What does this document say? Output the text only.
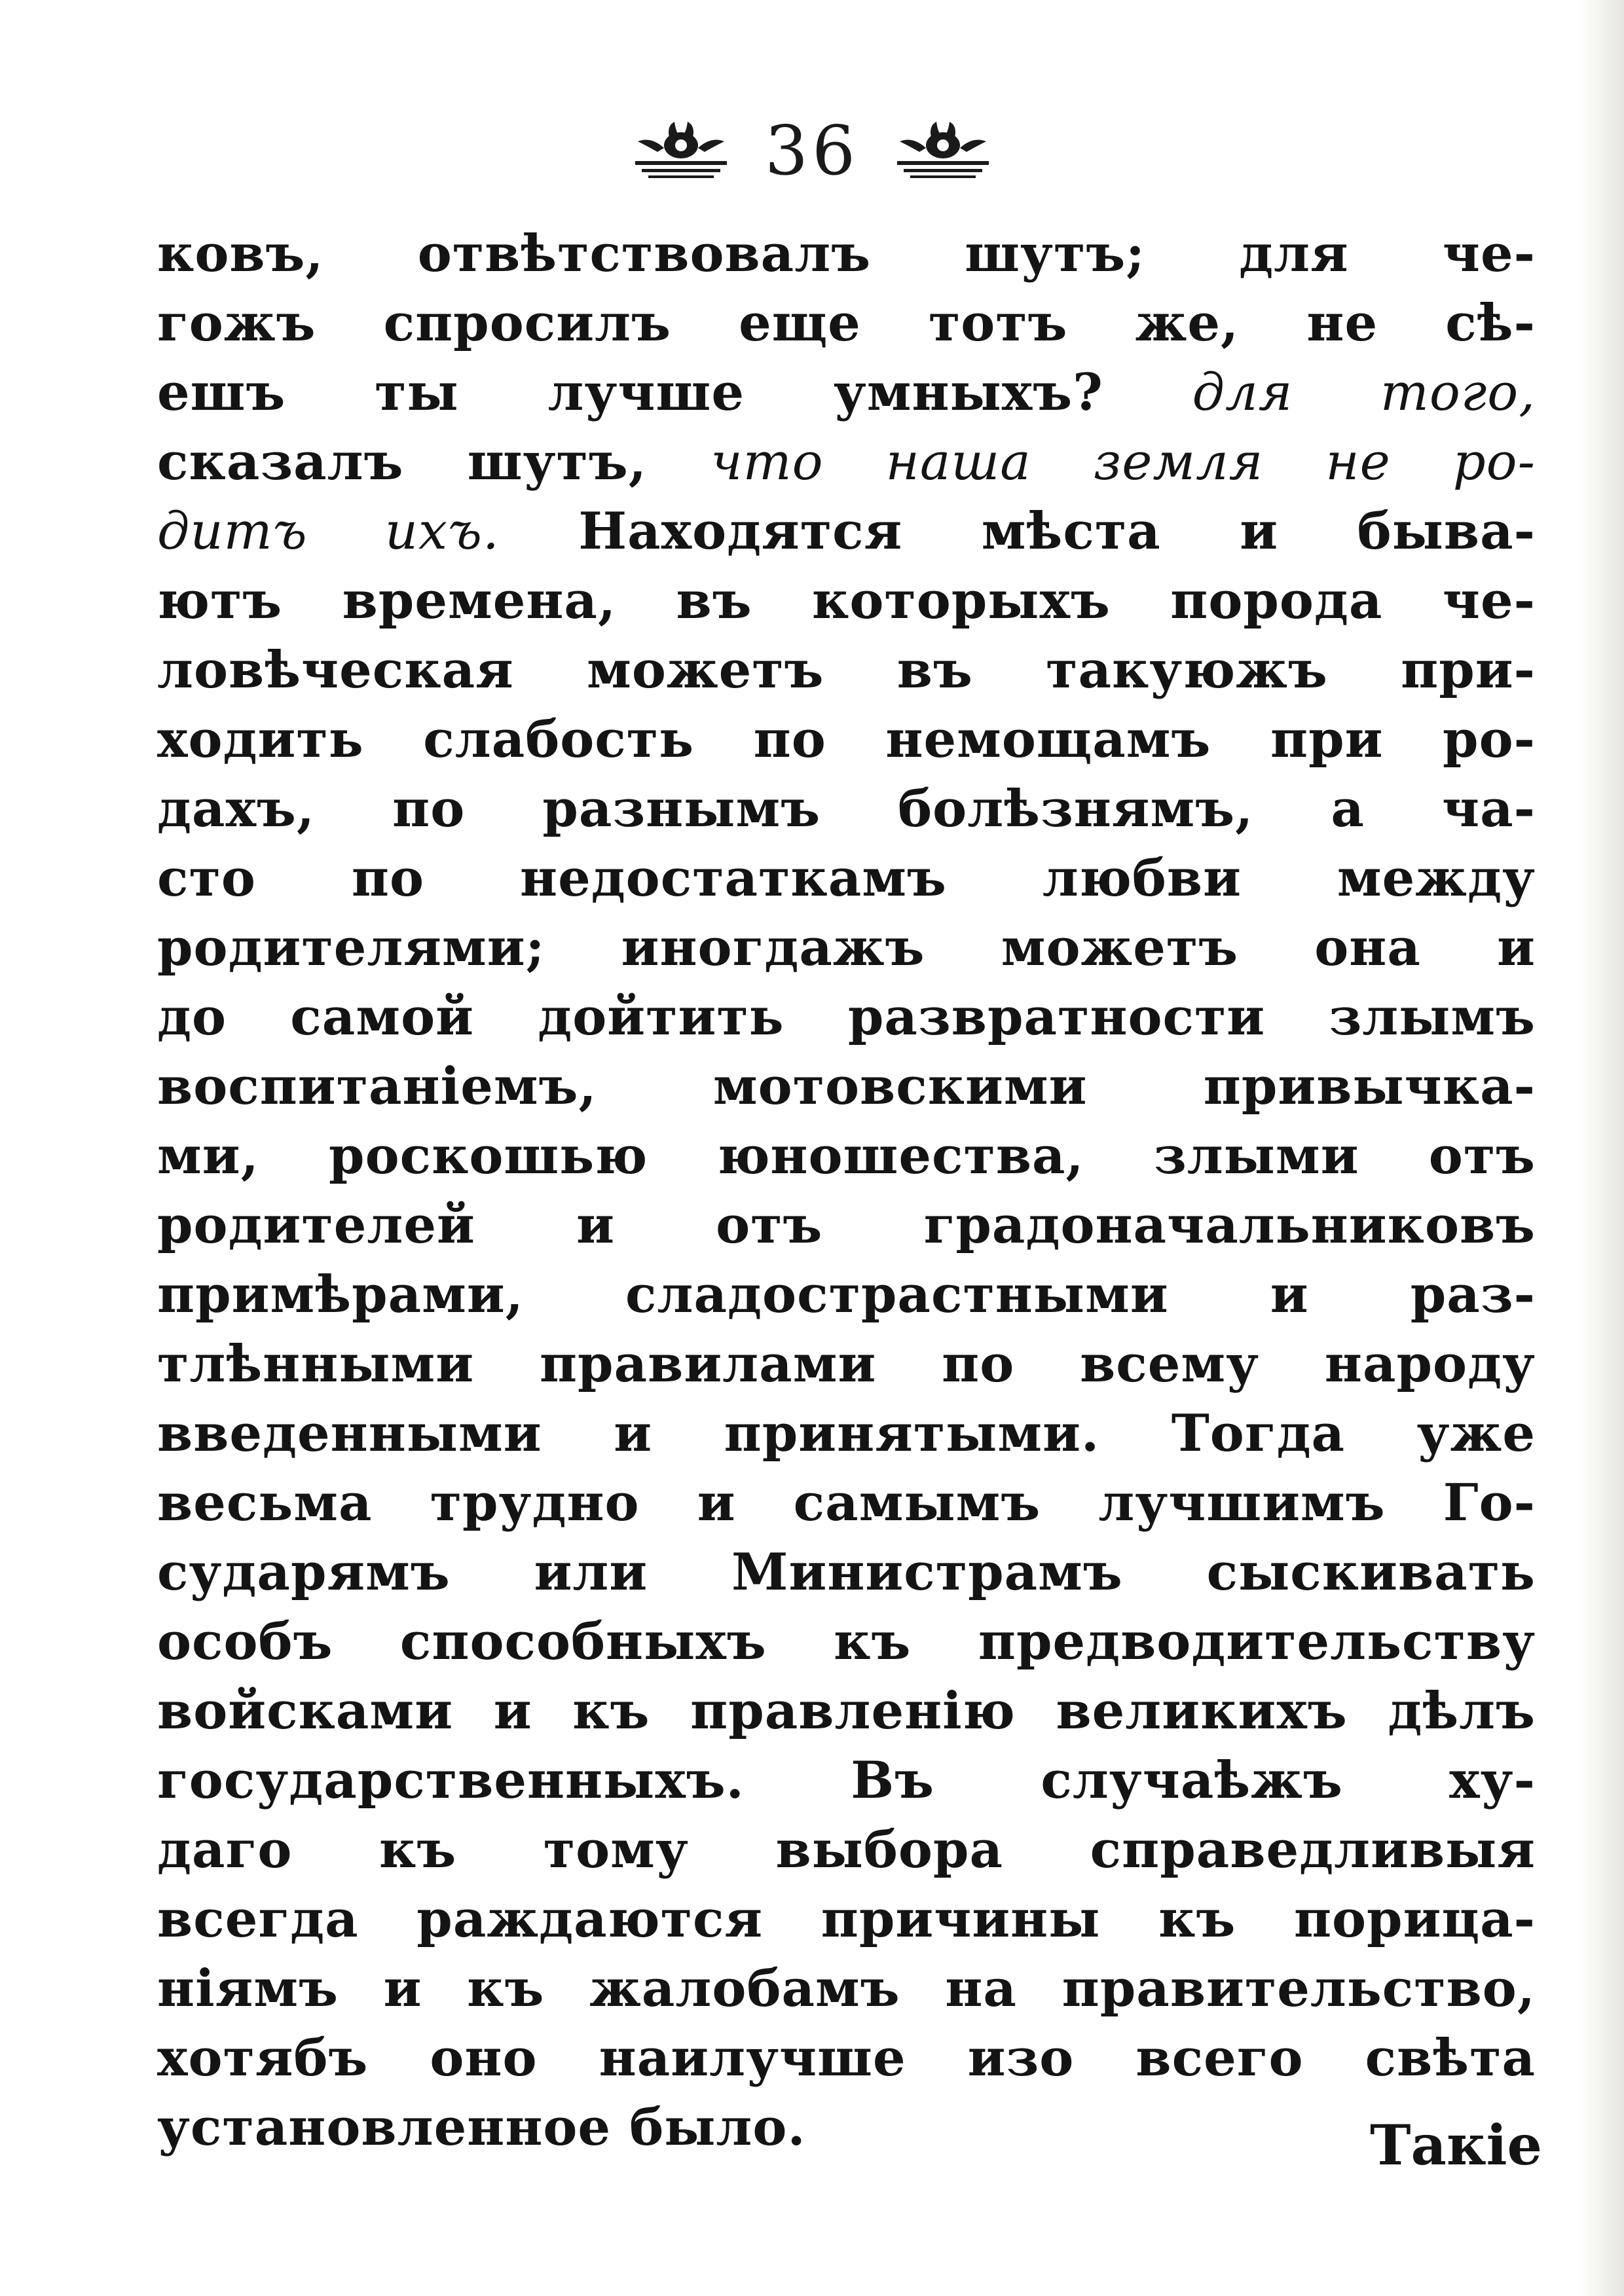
36
ковъ, отвѣтствовалъ шутъ; для че-
гожъ спросилъ еще тотъ же, не сѣ-
ешъ ты лучше умныхъ? для того,
сказалъ шутъ, что наша земля не ро-
дитъ ихъ. Находятся мѣста и быва-
ютъ времена, въ которыхъ порода че-
ловѣческая можетъ въ такуюжъ при-
ходить слабость по немощамъ при ро-
дахъ, по разнымъ болѣзнямъ, а ча-
сто по недостаткамъ любви между
родителями; иногдажъ можетъ она и
до самой дойтить развратности злымъ
воспитаніемъ, мотовскими привычка-
ми, роскошью юношества, злыми отъ
родителей и отъ градоначальниковъ
примѣрами, сладострастными и раз-
тлѣнными правилами по всему народу
введенными и принятыми. Тогда уже
весьма трудно и самымъ лучшимъ Го-
сударямъ или Министрамъ сыскивать
особъ способныхъ къ предводительству
войсками и къ правленію великихъ дѣлъ
государственныхъ. Въ случаѣжъ ху-
даго къ тому выбора справедливыя
всегда раждаются причины къ порица-
ніямъ и къ жалобамъ на правительство,
хотябъ оно наилучше изо всего свѣта
установленное было.	Такіе
